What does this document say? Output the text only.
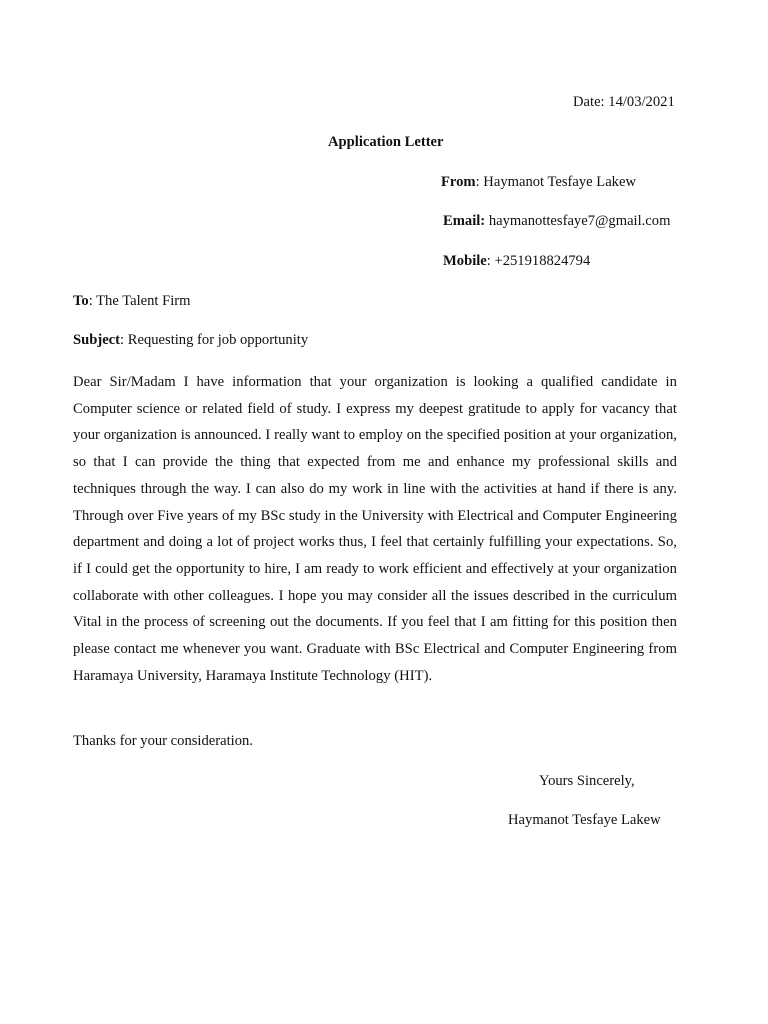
Date: 14/03/2021
Application Letter
From: Haymanot Tesfaye Lakew
Email: haymanottesfaye7@gmail.com
Mobile: +251918824794
To: The Talent Firm
Subject: Requesting for job opportunity
Dear Sir/Madam I have information that your organization is looking a qualified candidate in Computer science or related field of study. I express my deepest gratitude to apply for vacancy that your organization is announced. I really want to employ on the specified position at your organization, so that I can provide the thing that expected from me and enhance my professional skills and techniques through the way. I can also do my work in line with the activities at hand if there is any. Through over Five years of my BSc study in the University with Electrical and Computer Engineering department and doing a lot of project works thus, I feel that certainly fulfilling your expectations. So, if I could get the opportunity to hire, I am ready to work efficient and effectively at your organization collaborate with other colleagues. I hope you may consider all the issues described in the curriculum Vital in the process of screening out the documents. If you feel that I am fitting for this position then please contact me whenever you want. Graduate with BSc Electrical and Computer Engineering from Haramaya University, Haramaya Institute Technology (HIT).
Thanks for your consideration.
Yours Sincerely,
Haymanot Tesfaye Lakew
